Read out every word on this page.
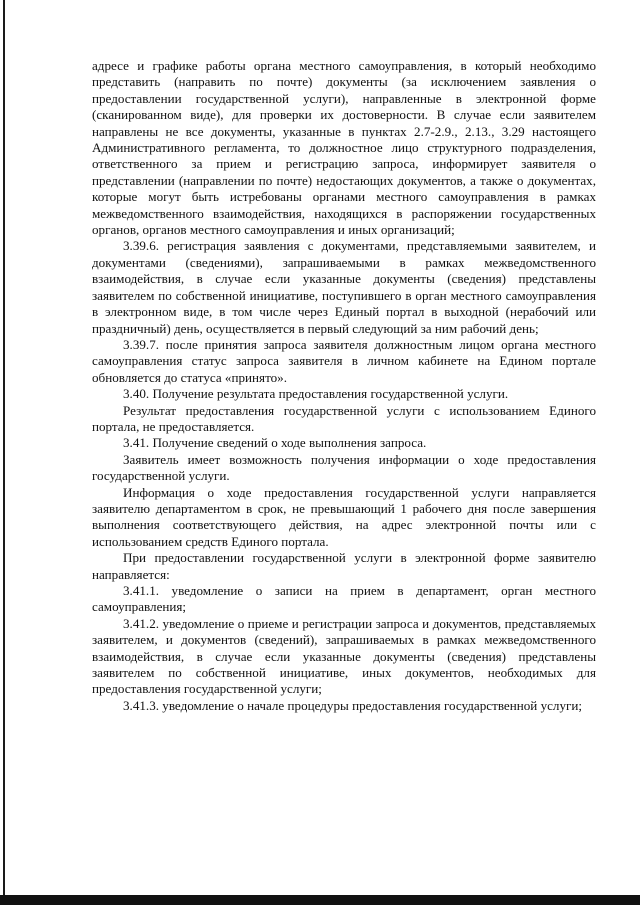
адресе и графике работы органа местного самоуправления, в который необходимо представить (направить по почте) документы (за исключением заявления о предоставлении государственной услуги), направленные в электронной форме (сканированном виде), для проверки их достоверности. В случае если заявителем направлены не все документы, указанные в пунктах 2.7-2.9., 2.13., 3.29 настоящего Административного регламента, то должностное лицо структурного подразделения, ответственного за прием и регистрацию запроса, информирует заявителя о представлении (направлении по почте) недостающих документов, а также о документах, которые могут быть истребованы органами местного самоуправления в рамках межведомственного взаимодействия, находящихся в распоряжении государственных органов, органов местного самоуправления и иных организаций;

3.39.6. регистрация заявления с документами, представляемыми заявителем, и документами (сведениями), запрашиваемыми в рамках межведомственного взаимодействия, в случае если указанные документы (сведения) представлены заявителем по собственной инициативе, поступившего в орган местного самоуправления в электронном виде, в том числе через Единый портал в выходной (нерабочий или праздничный) день, осуществляется в первый следующий за ним рабочий день;

3.39.7. после принятия запроса заявителя должностным лицом органа местного самоуправления статус запроса заявителя в личном кабинете на Едином портале обновляется до статуса «принято».

3.40. Получение результата предоставления государственной услуги.

Результат предоставления государственной услуги с использованием Единого портала, не предоставляется.

3.41. Получение сведений о ходе выполнения запроса.

Заявитель имеет возможность получения информации о ходе предоставления государственной услуги.

Информация о ходе предоставления государственной услуги направляется заявителю департаментом в срок, не превышающий 1 рабочего дня после завершения выполнения соответствующего действия, на адрес электронной почты или с использованием средств Единого портала.

При предоставлении государственной услуги в электронной форме заявителю направляется:

3.41.1. уведомление о записи на прием в департамент, орган местного самоуправления;

3.41.2. уведомление о приеме и регистрации запроса и документов, представляемых заявителем, и документов (сведений), запрашиваемых в рамках межведомственного взаимодействия, в случае если указанные документы (сведения) представлены заявителем по собственной инициативе, иных документов, необходимых для предоставления государственной услуги;

3.41.3. уведомление о начале процедуры предоставления государственной услуги;
